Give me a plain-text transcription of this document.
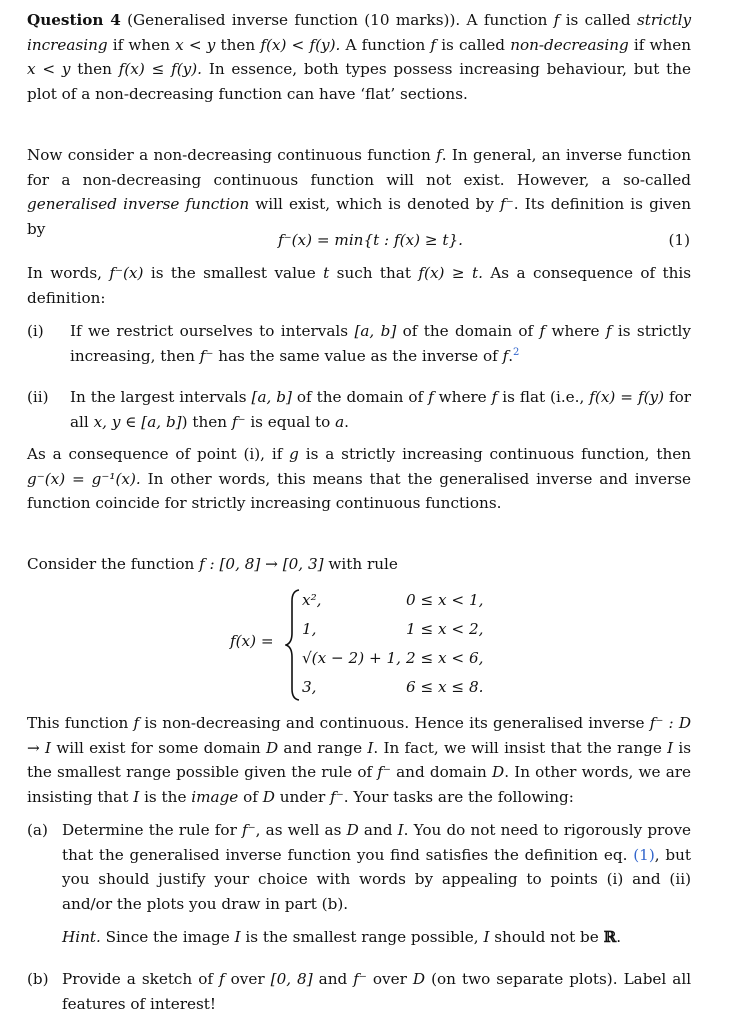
Question 4 (Generalised inverse function (10 marks)). A function f is called strictly increasing if when x < y then f(x) < f(y). A function f is called non-decreasing if when x < y then f(x) ≤ f(y). In essence, both types possess increasing behaviour, but the plot of a non-decreasing function can have ‘flat’ sections.

Now consider a non-decreasing continuous function f. In general, an inverse function for a non-decreasing continuous function will not exist. However, a so-called generalised inverse function will exist, which is denoted by f⁻. Its definition is given by

f⁻(x) = min{t : f(x) ≥ t}.	(1)

In words, f⁻(x) is the smallest value t such that f(x) ≥ t. As a consequence of this definition:

(i) If we restrict ourselves to intervals [a, b] of the domain of f where f is strictly increasing, then f⁻ has the same value as the inverse of f.$^2$
(ii) In the largest intervals [a, b] of the domain of f where f is flat (i.e., f(x) = f(y) for all x, y ∈ [a, b]) then f⁻ is equal to a.

As a consequence of point (i), if g is a strictly increasing continuous function, then g⁻(x) = g⁻¹(x). In other words, this means that the generalised inverse and inverse function coincide for strictly increasing continuous functions.

Consider the function f : [0, 8] → [0, 3] with rule

f(x) =
x²,	0 ≤ x < 1,
1,	1 ≤ x < 2,
√(x − 2) + 1, 2 ≤ x < 6,
3,	6 ≤ x ≤ 8.

This function f is non-decreasing and continuous. Hence its generalised inverse f⁻ : D → I will exist for some domain D and range I. In fact, we will insist that the range I is the smallest range possible given the rule of f⁻ and domain D. In other words, we are insisting that I is the image of D under f⁻. Your tasks are the following:

(a) Determine the rule for f⁻, as well as D and I. You do not need to rigorously prove that the generalised inverse function you find satisfies the definition eq. (1), but you should justify your choice with words by appealing to points (i) and (ii) and/or the plots you draw in part (b).
Hint. Since the image I is the smallest range possible, I should not be ℝ.
(b) Provide a sketch of f over [0, 8] and f⁻ over D (on two separate plots). Label all features of interest!
